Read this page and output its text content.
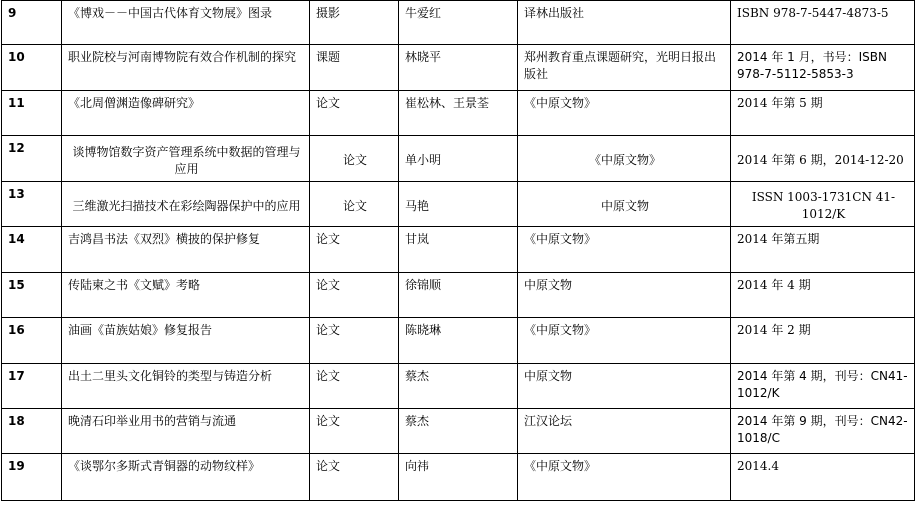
9	《博戏－－中国古代体育文物展》图录	摄影	牛爱红	译林出版社	ISBN 978-7-5447-4873-5
10	职业院校与河南博物院有效合作机制的探究	课题	林晓平	郑州教育重点课题研究，光明日报出版社	2014 年 1 月，书号：ISBN 978-7-5112-5853-3
11	《北周僧渊造像碑研究》	论文	崔松林、王景荃	《中原文物》	2014 年第 5 期
12	谈博物馆数字资产管理系统中数据的管理与应用	论文	单小明	《中原文物》	2014 年第 6 期，2014-12-20
13	三维激光扫描技术在彩绘陶器保护中的应用	论文	马艳	中原文物	ISSN 1003-1731CN 41-1012/K
14	吉鸿昌书法《双烈》横披的保护修复	论文	甘岚	《中原文物》	2014 年第五期
15	传陆柬之书《文赋》考略	论文	徐锦顺	中原文物	2014 年 4 期
16	油画《苗族姑娘》修复报告	论文	陈晓琳	《中原文物》	2014 年 2 期
17	出土二里头文化铜铃的类型与铸造分析	论文	蔡杰	中原文物	2014 年第 4 期，刊号：CN41-1012/K
18	晚清石印举业用书的营销与流通	论文	蔡杰	江汉论坛	2014 年第 9 期，刊号：CN42-1018/C
19	《谈鄂尔多斯式青铜器的动物纹样》	论文	向祎	《中原文物》	2014.4
